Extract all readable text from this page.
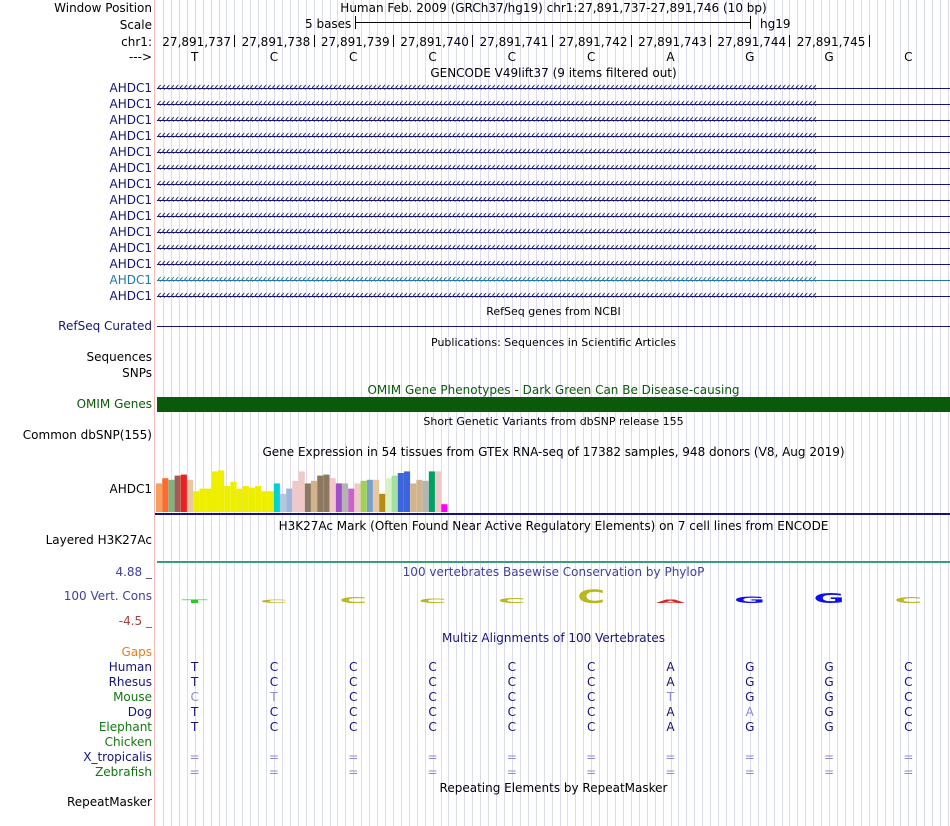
Window Position
Scale
chr1:
--->
Human Feb. 2009 (GRCh37/hg19) chr1:27,891,737-27,891,746 (10 bp)
5 bases	hg19
27,891,737 27,891,738 27,891,739 27,891,740 27,891,741 27,891,742 27,891,743 27,891,744 27,891,745
T	C	C	C	C	C	A	G	G	C
GENCODE V49lift37 (9 items filtered out)
AHDC1 ‹‹‹‹‹‹‹‹‹‹‹‹‹‹‹‹‹‹‹‹‹‹‹‹‹‹‹‹‹‹‹‹‹‹‹‹‹‹‹‹‹‹‹‹‹‹‹‹‹‹‹‹‹‹‹‹‹‹‹‹‹‹‹‹‹‹‹‹‹‹‹‹‹‹‹‹‹‹‹‹‹‹‹‹‹‹‹‹‹‹‹‹‹‹‹‹‹‹‹‹‹‹‹‹‹‹‹‹‹‹‹‹‹‹‹‹‹‹‹‹‹‹‹‹‹‹‹‹‹‹‹‹‹‹‹‹‹‹‹‹‹‹‹‹‹‹‹‹‹‹
AHDC1 ‹‹‹‹‹‹‹‹‹‹‹‹‹‹‹‹‹‹‹‹‹‹‹‹‹‹‹‹‹‹‹‹‹‹‹‹‹‹‹‹‹‹‹‹‹‹‹‹‹‹‹‹‹‹‹‹‹‹‹‹‹‹‹‹‹‹‹‹‹‹‹‹‹‹‹‹‹‹‹‹‹‹‹‹‹‹‹‹‹‹‹‹‹‹‹‹‹‹‹‹‹‹‹‹‹‹‹‹‹‹‹‹‹‹‹‹‹‹‹‹‹‹‹‹‹‹‹‹‹‹‹‹‹‹‹‹‹‹‹‹‹‹‹‹‹‹‹‹‹‹
AHDC1 ‹‹‹‹‹‹‹‹‹‹‹‹‹‹‹‹‹‹‹‹‹‹‹‹‹‹‹‹‹‹‹‹‹‹‹‹‹‹‹‹‹‹‹‹‹‹‹‹‹‹‹‹‹‹‹‹‹‹‹‹‹‹‹‹‹‹‹‹‹‹‹‹‹‹‹‹‹‹‹‹‹‹‹‹‹‹‹‹‹‹‹‹‹‹‹‹‹‹‹‹‹‹‹‹‹‹‹‹‹‹‹‹‹‹‹‹‹‹‹‹‹‹‹‹‹‹‹‹‹‹‹‹‹‹‹‹‹‹‹‹‹‹‹‹‹‹‹‹‹‹
AHDC1 ‹‹‹‹‹‹‹‹‹‹‹‹‹‹‹‹‹‹‹‹‹‹‹‹‹‹‹‹‹‹‹‹‹‹‹‹‹‹‹‹‹‹‹‹‹‹‹‹‹‹‹‹‹‹‹‹‹‹‹‹‹‹‹‹‹‹‹‹‹‹‹‹‹‹‹‹‹‹‹‹‹‹‹‹‹‹‹‹‹‹‹‹‹‹‹‹‹‹‹‹‹‹‹‹‹‹‹‹‹‹‹‹‹‹‹‹‹‹‹‹‹‹‹‹‹‹‹‹‹‹‹‹‹‹‹‹‹‹‹‹‹‹‹‹‹‹‹‹‹‹
AHDC1 ‹‹‹‹‹‹‹‹‹‹‹‹‹‹‹‹‹‹‹‹‹‹‹‹‹‹‹‹‹‹‹‹‹‹‹‹‹‹‹‹‹‹‹‹‹‹‹‹‹‹‹‹‹‹‹‹‹‹‹‹‹‹‹‹‹‹‹‹‹‹‹‹‹‹‹‹‹‹‹‹‹‹‹‹‹‹‹‹‹‹‹‹‹‹‹‹‹‹‹‹‹‹‹‹‹‹‹‹‹‹‹‹‹‹‹‹‹‹‹‹‹‹‹‹‹‹‹‹‹‹‹‹‹‹‹‹‹‹‹‹‹‹‹‹‹‹‹‹‹‹
AHDC1 ‹‹‹‹‹‹‹‹‹‹‹‹‹‹‹‹‹‹‹‹‹‹‹‹‹‹‹‹‹‹‹‹‹‹‹‹‹‹‹‹‹‹‹‹‹‹‹‹‹‹‹‹‹‹‹‹‹‹‹‹‹‹‹‹‹‹‹‹‹‹‹‹‹‹‹‹‹‹‹‹‹‹‹‹‹‹‹‹‹‹‹‹‹‹‹‹‹‹‹‹‹‹‹‹‹‹‹‹‹‹‹‹‹‹‹‹‹‹‹‹‹‹‹‹‹‹‹‹‹‹‹‹‹‹‹‹‹‹‹‹‹‹‹‹‹‹‹‹‹‹
AHDC1 ‹‹‹‹‹‹‹‹‹‹‹‹‹‹‹‹‹‹‹‹‹‹‹‹‹‹‹‹‹‹‹‹‹‹‹‹‹‹‹‹‹‹‹‹‹‹‹‹‹‹‹‹‹‹‹‹‹‹‹‹‹‹‹‹‹‹‹‹‹‹‹‹‹‹‹‹‹‹‹‹‹‹‹‹‹‹‹‹‹‹‹‹‹‹‹‹‹‹‹‹‹‹‹‹‹‹‹‹‹‹‹‹‹‹‹‹‹‹‹‹‹‹‹‹‹‹‹‹‹‹‹‹‹‹‹‹‹‹‹‹‹‹‹‹‹‹‹‹‹‹
AHDC1 ‹‹‹‹‹‹‹‹‹‹‹‹‹‹‹‹‹‹‹‹‹‹‹‹‹‹‹‹‹‹‹‹‹‹‹‹‹‹‹‹‹‹‹‹‹‹‹‹‹‹‹‹‹‹‹‹‹‹‹‹‹‹‹‹‹‹‹‹‹‹‹‹‹‹‹‹‹‹‹‹‹‹‹‹‹‹‹‹‹‹‹‹‹‹‹‹‹‹‹‹‹‹‹‹‹‹‹‹‹‹‹‹‹‹‹‹‹‹‹‹‹‹‹‹‹‹‹‹‹‹‹‹‹‹‹‹‹‹‹‹‹‹‹‹‹‹‹‹‹‹
AHDC1 ‹‹‹‹‹‹‹‹‹‹‹‹‹‹‹‹‹‹‹‹‹‹‹‹‹‹‹‹‹‹‹‹‹‹‹‹‹‹‹‹‹‹‹‹‹‹‹‹‹‹‹‹‹‹‹‹‹‹‹‹‹‹‹‹‹‹‹‹‹‹‹‹‹‹‹‹‹‹‹‹‹‹‹‹‹‹‹‹‹‹‹‹‹‹‹‹‹‹‹‹‹‹‹‹‹‹‹‹‹‹‹‹‹‹‹‹‹‹‹‹‹‹‹‹‹‹‹‹‹‹‹‹‹‹‹‹‹‹‹‹‹‹‹‹‹‹‹‹‹‹
AHDC1 ‹‹‹‹‹‹‹‹‹‹‹‹‹‹‹‹‹‹‹‹‹‹‹‹‹‹‹‹‹‹‹‹‹‹‹‹‹‹‹‹‹‹‹‹‹‹‹‹‹‹‹‹‹‹‹‹‹‹‹‹‹‹‹‹‹‹‹‹‹‹‹‹‹‹‹‹‹‹‹‹‹‹‹‹‹‹‹‹‹‹‹‹‹‹‹‹‹‹‹‹‹‹‹‹‹‹‹‹‹‹‹‹‹‹‹‹‹‹‹‹‹‹‹‹‹‹‹‹‹‹‹‹‹‹‹‹‹‹‹‹‹‹‹‹‹‹‹‹‹‹
AHDC1 ‹‹‹‹‹‹‹‹‹‹‹‹‹‹‹‹‹‹‹‹‹‹‹‹‹‹‹‹‹‹‹‹‹‹‹‹‹‹‹‹‹‹‹‹‹‹‹‹‹‹‹‹‹‹‹‹‹‹‹‹‹‹‹‹‹‹‹‹‹‹‹‹‹‹‹‹‹‹‹‹‹‹‹‹‹‹‹‹‹‹‹‹‹‹‹‹‹‹‹‹‹‹‹‹‹‹‹‹‹‹‹‹‹‹‹‹‹‹‹‹‹‹‹‹‹‹‹‹‹‹‹‹‹‹‹‹‹‹‹‹‹‹‹‹‹‹‹‹‹‹
AHDC1 ‹‹‹‹‹‹‹‹‹‹‹‹‹‹‹‹‹‹‹‹‹‹‹‹‹‹‹‹‹‹‹‹‹‹‹‹‹‹‹‹‹‹‹‹‹‹‹‹‹‹‹‹‹‹‹‹‹‹‹‹‹‹‹‹‹‹‹‹‹‹‹‹‹‹‹‹‹‹‹‹‹‹‹‹‹‹‹‹‹‹‹‹‹‹‹‹‹‹‹‹‹‹‹‹‹‹‹‹‹‹‹‹‹‹‹‹‹‹‹‹‹‹‹‹‹‹‹‹‹‹‹‹‹‹‹‹‹‹‹‹‹‹‹‹‹‹‹‹‹‹
AHDC1 ‹‹‹‹‹‹‹‹‹‹‹‹‹‹‹‹‹‹‹‹‹‹‹‹‹‹‹‹‹‹‹‹‹‹‹‹‹‹‹‹‹‹‹‹‹‹‹‹‹‹‹‹‹‹‹‹‹‹‹‹‹‹‹‹‹‹‹‹‹‹‹‹‹‹‹‹‹‹‹‹‹‹‹‹‹‹‹‹‹‹‹‹‹‹‹‹‹‹‹‹‹‹‹‹‹‹‹‹‹‹‹‹‹‹‹‹‹‹‹‹‹‹‹‹‹‹‹‹‹‹‹‹‹‹‹‹‹‹‹‹‹‹‹‹‹‹‹‹‹‹
AHDC1 ‹‹‹‹‹‹‹‹‹‹‹‹‹‹‹‹‹‹‹‹‹‹‹‹‹‹‹‹‹‹‹‹‹‹‹‹‹‹‹‹‹‹‹‹‹‹‹‹‹‹‹‹‹‹‹‹‹‹‹‹‹‹‹‹‹‹‹‹‹‹‹‹‹‹‹‹‹‹‹‹‹‹‹‹‹‹‹‹‹‹‹‹‹‹‹‹‹‹‹‹‹‹‹‹‹‹‹‹‹‹‹‹‹‹‹‹‹‹‹‹‹‹‹‹‹‹‹‹‹‹‹‹‹‹‹‹‹‹‹‹‹‹‹‹‹‹‹‹‹‹
RefSeq genes from NCBI
RefSeq Curated
Publications: Sequences in Scientific Articles
Sequences
SNPs
OMIM Gene Phenotypes - Dark Green Can Be Disease-causing
OMIM Genes
Short Genetic Variants from dbSNP release 155
Common dbSNP(155)
Gene Expression in 54 tissues from GTEx RNA-seq of 17382 samples, 948 donors (V8, Aug 2019)
AHDC1
H3K27Ac Mark (Often Found Near Active Regulatory Elements) on 7 cell lines from ENCODE
Layered H3K27Ac
100 vertebrates Basewise Conservation by PhyloP
4.88 _
100 Vert. Cons
-4.5 _
T	C	C	C	C	C	A G G C
Multiz Alignments of 100 Vertebrates
Gaps
Human	T	C	C	C	C	C	A	G	G	C
Rhesus	T	C	C	C	C	C	A	G	G	C
Mouse	C	T	C	C	C	C	T	G	G	C
Dog	T	C	C	C	C	C	A	A	G	C
Elephant	T	C	C	C	C	C	A	G	G	C
Chicken
X_tropicalis	=	=	=	=	=	=	=	=	=	=
Zebrafish	=	=	=	=	=	=	=	=	=	=
Repeating Elements by RepeatMasker
RepeatMasker
